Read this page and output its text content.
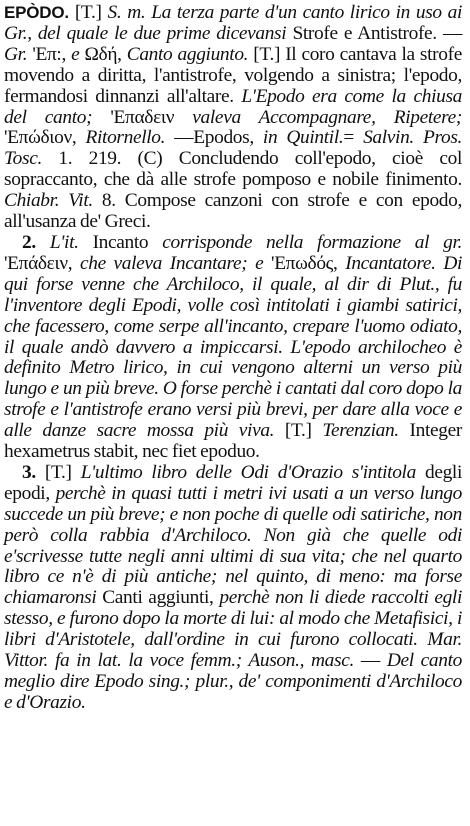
EPÒDO. [T.] S. m. La terza parte d'un canto lirico in uso ai Gr., del quale le due prime dicevansi Strofe e Antistrofe. — Gr. 'Επ:, e Ωδή, Canto aggiunto. [T.] Il coro cantava la strofe movendo a diritta, l'antistrofe, volgendo a sinistra; l'epodo, fermandosi dinnanzi all'altare. L'Epodo era come la chiusa del canto; 'Επαδειν valeva Accompagnare, Ripetere; 'Επώδιον, Ritornello. —Epodos, in Quintil.= Salvin. Pros. Tosc. 1. 219. (C) Concludendo coll'epodo, cioè col sopraccanto, che dà alle strofe pomposo e nobile finimento. Chiabr. Vit. 8. Compose canzoni con strofe e con epodo, all'usanza de' Greci.

2. L'it. Incanto corrisponde nella formazione al gr. 'Επάδειν, che valeva Incantare; e 'Επωδός, Incantatore. Di qui forse venne che Archiloco, il quale, al dir di Plut., fu l'inventore degli Epodi, volle così intitolati i giambi satirici, che facessero, come serpe all'incanto, crepare l'uomo odiato, il quale andò davvero a impiccarsi. L'epodo archilocheo è definito Metro lirico, in cui vengono alterni un verso più lungo e un più breve. O forse perchè i cantati dal coro dopo la strofe e l'antistrofe erano versi più brevi, per dare alla voce e alle danze sacre mossa più viva. [T.] Terenzian. Integer hexametrus stabit, nec fiet epoduo.

3. [T.] L'ultimo libro delle Odi d'Orazio s'intitola degli epodi, perchè in quasi tutti i metri ivi usati a un verso lungo succede un più breve; e non poche di quelle odi satiriche, non però colla rabbia d'Archiloco. Non già che quelle odi e'scrivesse tutte negli anni ultimi di sua vita; che nel quarto libro ce n'è di più antiche; nel quinto, di meno: ma forse chiamaronsi Canti aggiunti, perchè non li diede raccolti egli stesso, e furono dopo la morte di lui: al modo che Metafisici, i libri d'Aristotele, dall'ordine in cui furono collocati. Mar. Vittor. fa in lat. la voce femm.; Auson., masc. — Del canto meglio dire Epodo sing.; plur., de' componimenti d'Archiloco e d'Orazio.
